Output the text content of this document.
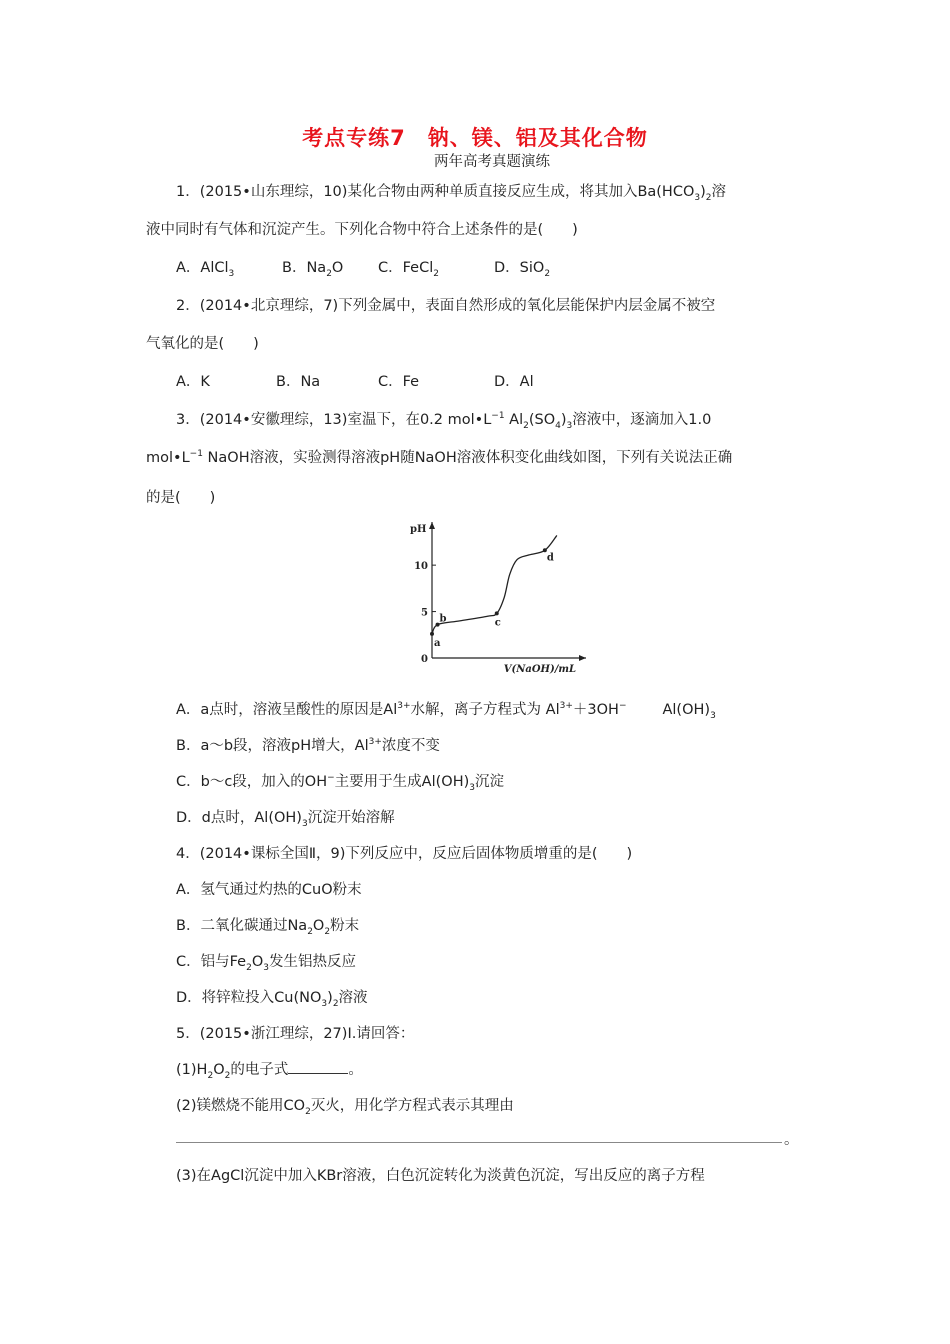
考点专练7　钠、镁、铝及其化合物
两年高考真题演练
1．(2015•山东理综，10)某化合物由两种单质直接反应生成，将其加入$Ba(HCO_3)_2$溶
液中同时有气体和沉淀产生。下列化合物中符合上述条件的是(　　)
A．AlCl$_3$	B．$Na_2O$ C．FeCl$_2$	D．SiO$_2$
2．(2014•北京理综，7)下列金属中，表面自然形成的氧化层能保护内层金属不被空
气氧化的是(　　)
A．K	B．Na	C．Fe	D．Al
3．(2014•安徽理综，13)室温下，在0.2 $mol•L^{-1}$ $Al_2(SO_4)_3$溶液中，逐滴加入1.0
$mol•L^{-1}$ NaOH溶液，实验测得溶液pH随NaOH溶液体积变化曲线如图，下列有关说法正确
的是(　　)
pH
V(NaOH)/mL
0
5
10
a
b	c
d
A．a点时，溶液呈酸性的原因是$Al^{3+}$水解，离子方程式为 $Al^{3+}+3OH^-$ $Al(OH)_3$
B．a～b段，溶液pH增大，$Al^{3+}$浓度不变
C．b～c段，加入的OH−主要用于生成$Al(OH)_3$沉淀
D．d点时，$Al(OH)_3$沉淀开始溶解
4．(2014•课标全国Ⅱ，9)下列反应中，反应后固体物质增重的是(　　)
A．氢气通过灼热的CuO粉末
B．二氧化碳通过$Na_2O_2$粉末
C．铝与$Fe_2O_3$发生铝热反应
D．将锌粒投入$Cu(NO_3)_2$溶液
5．(2015•浙江理综，27)Ⅰ.请回答：
$(1)H_2O_2$的电子式	。
(2)镁燃烧不能用$CO_2$灭火，用化学方程式表示其理由
。
(3)在AgCl沉淀中加入KBr溶液，白色沉淀转化为淡黄色沉淀，写出反应的离子方程
